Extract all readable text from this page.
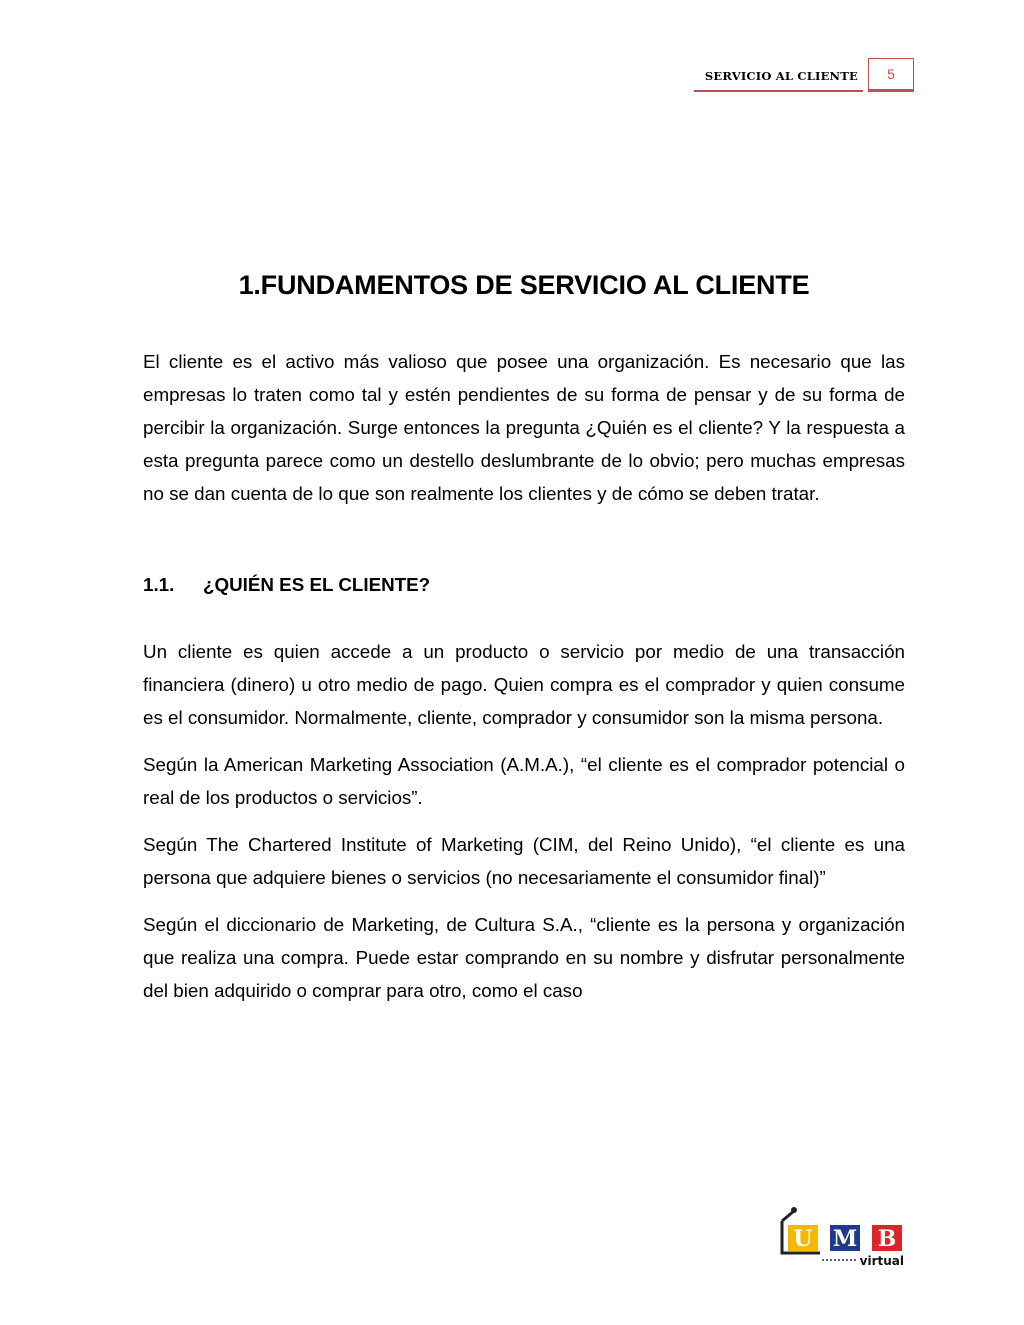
SERVICIO AL CLIENTE	5
1.FUNDAMENTOS DE SERVICIO AL CLIENTE

El cliente es el activo más valioso que posee una organización. Es necesario que las empresas lo traten como tal y estén pendientes de su forma de pensar y de su forma de percibir la organización. Surge entonces la pregunta ¿Quién es el cliente? Y la respuesta a esta pregunta parece como un destello deslumbrante de lo obvio; pero muchas empresas no se dan cuenta de lo que son realmente los clientes y de cómo se deben tratar.

1.1. ¿QUIÉN ES EL CLIENTE?

Un cliente es quien accede a un producto o servicio por medio de una transacción financiera (dinero) u otro medio de pago. Quien compra es el comprador y quien consume es el consumidor. Normalmente, cliente, comprador y consumidor son la misma persona.

Según la American Marketing Association (A.M.A.), “el cliente es el comprador potencial o real de los productos o servicios”.

Según The Chartered Institute of Marketing (CIM, del Reino Unido), “el cliente es una persona que adquiere bienes o servicios (no necesariamente el consumidor final)”

Según el diccionario de Marketing, de Cultura S.A., “cliente es la persona y organización que realiza una compra. Puede estar comprando en su nombre y disfrutar personalmente del bien adquirido o comprar para otro, como el caso

U M B
virtual
